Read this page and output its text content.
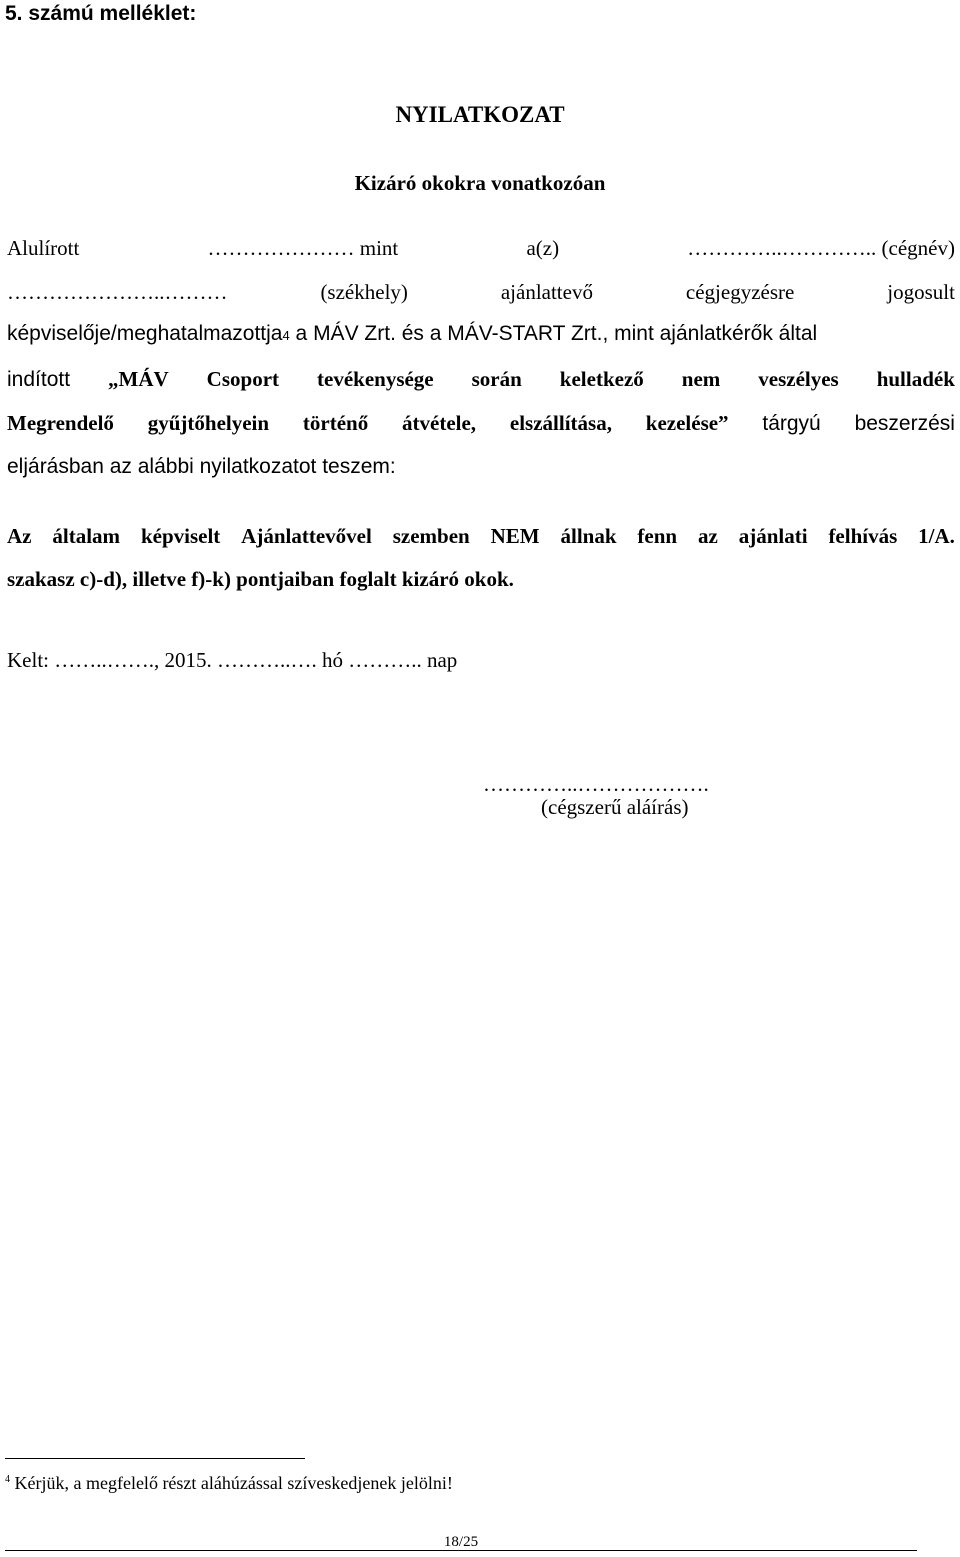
5. számú melléklet:
NYILATKOZAT
Kizáró okokra vonatkozóan
Alulírott	………………… mint	a(z)	…………..………….. (cégnév)
…………………..………	(székhely)	ajánlattevő	cégjegyzésre	jogosult
képviselője/meghatalmazottja 4 a MÁV Zrt. és a MÁV-START Zrt., mint ajánlatkérők által
indított „MÁV Csoport tevékenysége során keletkező nem veszélyes hulladék
Megrendelő gyűjtőhelyein történő átvétele, elszállítása, kezelése” tárgyú beszerzési
eljárásban az alábbi nyilatkozatot teszem:
Az általam képviselt Ajánlattevővel szemben NEM állnak fenn az ajánlati felhívás 1/A.
szakasz c)-d), illetve f)-k) pontjaiban foglalt kizáró okok.
Kelt: ……..……., 2015. ………..…. hó ……….. nap
…………..……………….
(cégszerű aláírás)
$^4$ Kérjük, a megfelelő részt aláhúzással szíveskedjenek jelölni!
18/25
